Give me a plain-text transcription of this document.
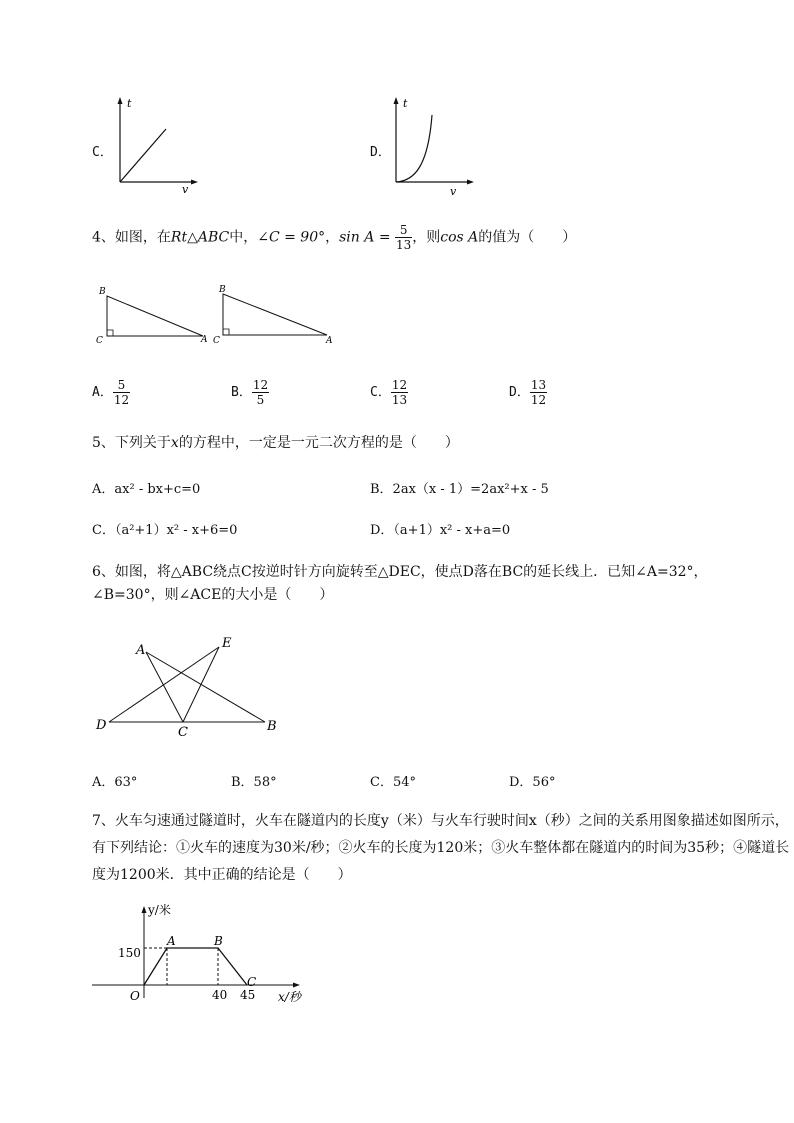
C．
t
v
D．
t
v
4、如图，在Rt△ABC中，∠C = 90°，$\sin A = \frac{5}{13}$ ，则cos A的值为（　　）
B
C	A
B
C	A
A． $\frac{5}{12}$	B． $\frac{12}{5}$	C． $\frac{12}{13}$	D． $\frac{13}{12}$
5、下列关于x的方程中，一定是一元二次方程的是（　　）
A．ax² - bx+c=0	B．2ax（x - 1）=2ax²+x - 5
C．（a²+1）x² - x+6=0	D．（a+1）x² - x+a=0
6、如图，将△ABC绕点C按逆时针方向旋转至△DEC，使点D落在BC的延长线上．已知∠A=32°，
∠B=30°，则∠ACE的大小是（　　）
A	E
D	C	B
A．63°	B．58°	C．54°	D．56°
7、火车匀速通过隧道时，火车在隧道内的长度y（米）与火车行驶时间x（秒）之间的关系用图象描述如图所示，有下列结论：①火车的速度为30米/秒；②火车的长度为120米；③火车整体都在隧道内的时间为35秒；④隧道长度为1200米．其中正确的结论是（　　）
y/米
150
O
A	B
C
40 45 x/秒
